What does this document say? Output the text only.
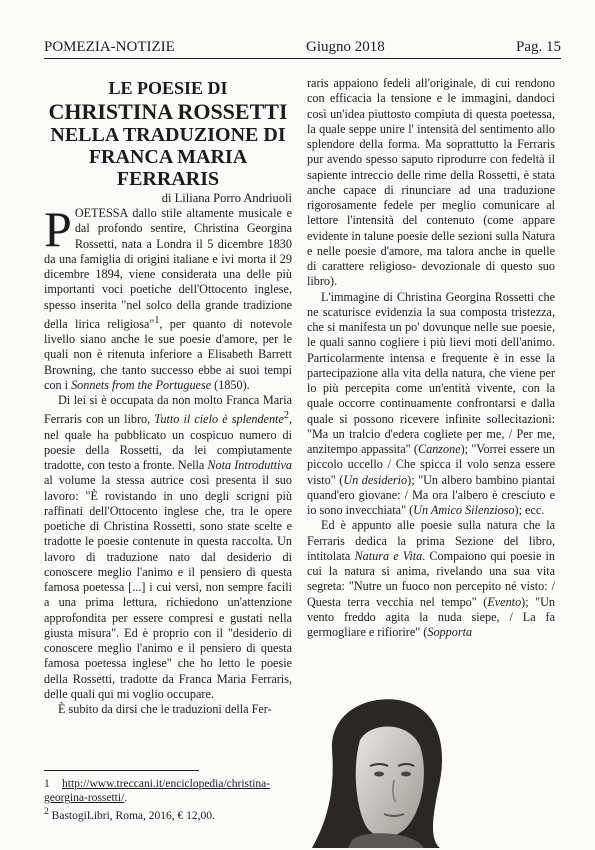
POMEZIA-NOTIZIE	Giugno 2018	Pag. 15

LE POESIE DI

CHRISTINA ROSSETTI

NELLA TRADUZIONE DI

FRANCA MARIA FERRARIS

di Liliana Porro Andriuoli

POETESSA dallo stile altamente musicale e dal profondo sentire, Christina Georgina Rossetti, nata a Londra il 5 dicembre 1830 da una famiglia di origini italiane e ivi morta il 29 dicembre 1894, viene considerata una delle più importanti voci poetiche dell'Ottocento inglese, spesso inserita "nel solco della grande tradizione della lirica religiosa"$^1$, per quanto di notevole livello siano anche le sue poesie d'amore, per le quali non è ritenuta inferiore a Elisabeth Barrett Browning, che tanto successo ebbe ai suoi tempi con i Sonnets from the Portuguese (1850).

Di lei si è occupata da non molto Franca Maria Ferraris con un libro, Tutto il cielo è splendente$^2$, nel quale ha pubblicato un cospicuo numero di poesie della Rossetti, da lei compiutamente tradotte, con testo a fronte. Nella Nota Introduttiva al volume la stessa autrice così presenta il suo lavoro: "È rovistando in uno degli scrigni più raffinati dell'Ottocento inglese che, tra le opere poetiche di Christina Rossetti, sono state scelte e tradotte le poesie contenute in questa raccolta. Un lavoro di traduzione nato dal desiderio di conoscere meglio l'animo e il pensiero di questa famosa poetessa [...] i cui versi, non sempre facili a una prima lettura, richiedono un'attenzione approfondita per essere compresi e gustati nella giusta misura". Ed è proprio con il "desiderio di conoscere meglio l'animo e il pensiero di questa famosa poetessa inglese" che ho letto le poesie della Rossetti, tradotte da Franca Maria Ferraris, delle quali qui mi voglio occupare.

È subito da dirsi che le traduzioni della Fer-

raris appaiono fedeli all'originale, di cui rendono con efficacia la tensione e le immagini, dandoci così un'idea piuttosto compiuta di questa poetessa, la quale seppe unire l' intensità del sentimento allo splendore della forma. Ma soprattutto la Ferraris pur avendo spesso saputo riprodurre con fedeltà il sapiente intreccio delle rime della Rossetti, è stata anche capace di rinunciare ad una traduzione rigorosamente fedele per meglio comunicare al lettore l'intensità del contenuto (come appare evidente in talune poesie delle sezioni sulla Natura e nelle poesie d'amore, ma talora anche in quelle di carattere religioso- devozionale di questo suo libro).

L'immagine di Christina Georgina Rossetti che ne scaturisce evidenzia la sua composta tristezza, che si manifesta un po' dovunque nelle sue poesie, le quali sanno cogliere i più lievi moti dell'animo. Particolarmente intensa e frequente è in esse la partecipazione alla vita della natura, che viene per lo più percepita come un'entità vivente, con la quale occorre continuamente confrontarsi e dalla quale si possono ricevere infinite sollecitazioni: "Ma un tralcio d'edera cogliete per me, / Per me, anzitempo appassita" (Canzone); "Vorrei essere un piccolo uccello / Che spicca il volo senza essere visto" (Un desiderio); "Un albero bambino piantai quand'ero giovane: / Ma ora l'albero è cresciuto e io sono invecchiata" (Un Amico Silenzioso); ecc.

Ed è appunto alle poesie sulla natura che la Ferraris dedica la prima Sezione del libro, intitolata Natura e Vita. Compaiono qui poesie in cui la natura si anima, rivelando una sua vita segreta: "Nutre un fuoco non percepito né visto: / Questa terra vecchia nel tempo" (Evento); "Un vento freddo agita la nuda siepe, / La fa germogliare e rifiorire" (Sopporta

1 http://www.treccani.it/enciclopedia/christina-georgina-rossetti/.
$^2$ BastogiLibri, Roma, 2016, € 12,00.
